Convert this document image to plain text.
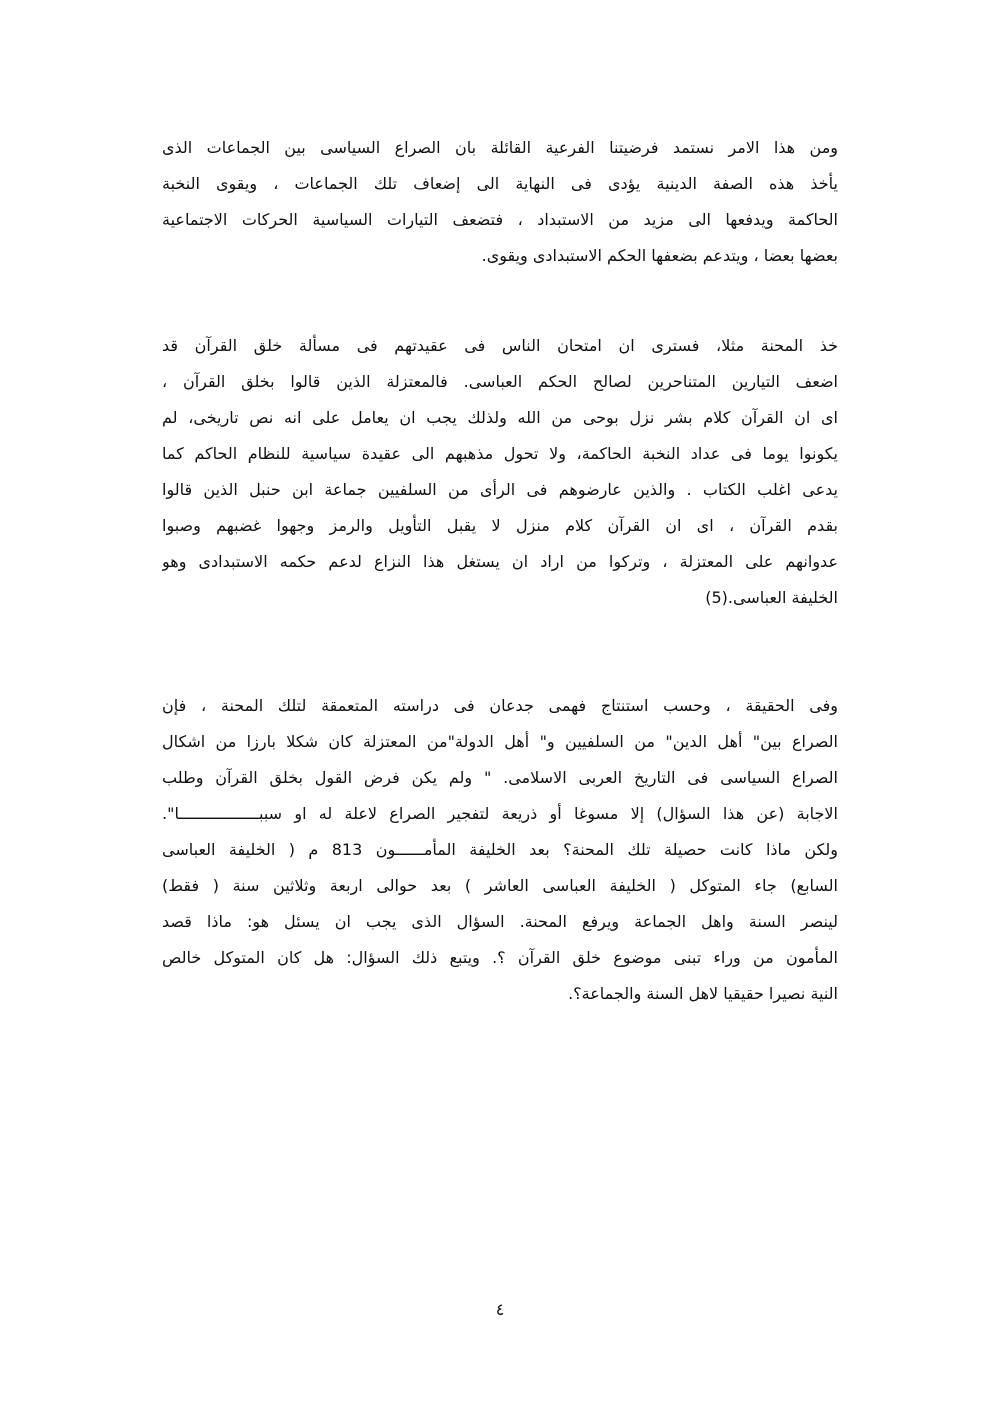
ومن هذا الامر نستمد فرضيتنا الفرعية القائلة بان الصراع السياسى بين الجماعات الذى
يأخذ هذه الصفة الدينية يؤدى فى النهاية الى إضعاف تلك الجماعات ، ويقوى النخبة
الحاكمة ويدفعها الى مزيد من الاستبداد ، فتضعف التيارات السياسية الحركات الاجتماعية
بعضها بعضا ، ويتدعم بضعفها الحكم الاستبدادى ويقوى.
خذ المحنة مثلا، فسترى ان امتحان الناس فى عقيدتهم فى مسألة خلق القرآن قد
اضعف التيارين المتناحرين لصالح الحكم العباسى. فالمعتزلة الذين قالوا بخلق القرآن ،
اى ان القرآن كلام بشر نزل بوحى من الله ولذلك يجب ان يعامل على انه نص تاريخى، لم
يكونوا يوما فى عداد النخبة الحاكمة، ولا تحول مذهبهم الى عقيدة سياسية للنظام الحاكم كما
يدعى اغلب الكتاب . والذين عارضوهم فى الرأى من السلفيين جماعة ابن حنبل الذين قالوا
بقدم القرآن ، اى ان القرآن كلام منزل لا يقبل التأويل والرمز وجهوا غضبهم وصبوا
عدوانهم على المعتزلة ، وتركوا من اراد ان يستغل هذا النزاع لدعم حكمه الاستبدادى وهو
الخليفة العباسى.(5)
وفى الحقيقة ، وحسب استنتاج فهمى جدعان فى دراسته المتعمقة لتلك المحنة ، فإن
الصراع بين" أهل الدين" من السلفيين و" أهل الدولة"من المعتزلة كان شكلا بارزا من اشكال
الصراع السياسى فى التاريخ العربى الاسلامى. " ولم يكن فرض القول بخلق القرآن وطلب
الاجابة (عن هذا السؤال) إلا مسوغا أو ذريعة لتفجير الصراع لاعلة له او سببـــــــــــــــــا".
ولكن ماذا كانت حصيلة تلك المحنة؟ بعد الخليفة المأمــــــون 813 م ( الخليفة العباسى
السابع) جاء المتوكل ( الخليفة العباسى العاشر ) بعد حوالى اربعة وثلاثين سنة ( فقط)
لينصر السنة واهل الجماعة ويرفع المحنة. السؤال الذى يجب ان يسئل هو: ماذا قصد
المأمون من وراء تبنى موضوع خلق القرآن ؟. ويتبع ذلك السؤال: هل كان المتوكل خالص
النية نصيرا حقيقيا لاهل السنة والجماعة؟.
٤
